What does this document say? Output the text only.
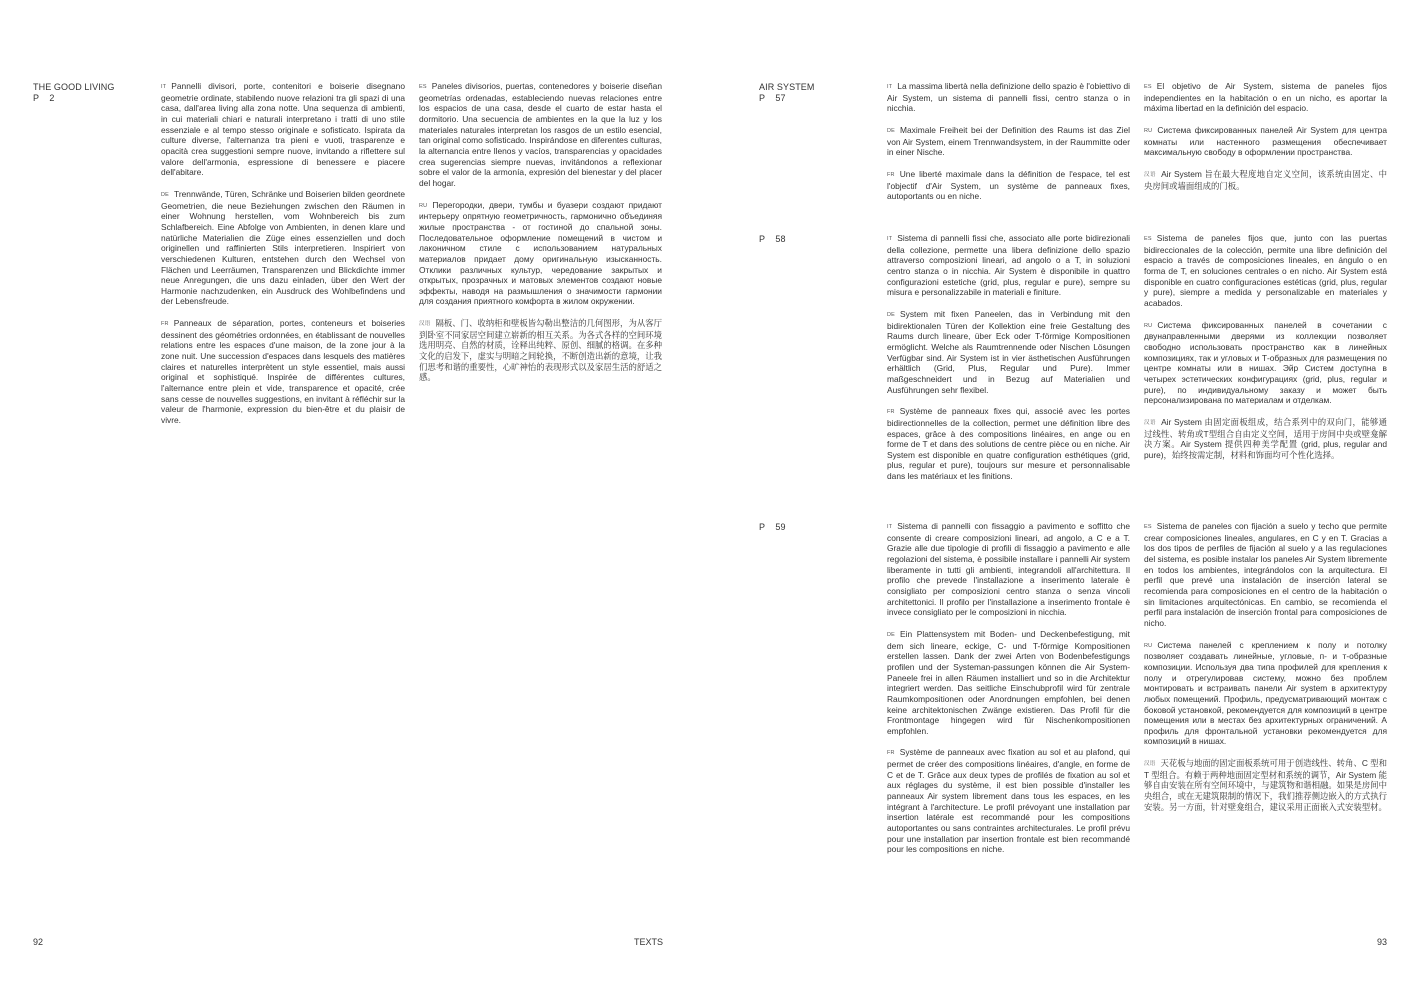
THE GOOD LIVING
P    2

IT Pannelli divisori, porte, contenitori e boiserie disegnano geometrie ordinate, stabilendo nuove relazioni tra gli spazi di una casa, dall'area living alla zona notte. Una sequenza di ambienti, in cui materiali chiari e naturali interpretano i tratti di uno stile essenziale e al tempo stesso originale e sofisticato. Ispirata da culture diverse, l'alternanza tra pieni e vuoti, trasparenze e opacità crea suggestioni sempre nuove, invitando a riflettere sul valore dell'armonia, espressione di benessere e piacere dell'abitare.

DE Trennwände, Türen, Schränke und Boiserien bilden geordnete Geometrien, die neue Beziehungen zwischen den Räumen in einer Wohnung herstellen, vom Wohnbereich bis zum Schlafbereich. Eine Abfolge von Ambienten, in denen klare und natürliche Materialien die Züge eines essenziellen und doch originellen und raffinierten Stils interpretieren. Inspiriert von verschiedenen Kulturen, entstehen durch den Wechsel von Flächen und Leerräumen, Transparenzen und Blickdichte immer neue Anregungen, die uns dazu einladen, über den Wert der Harmonie nachzudenken, ein Ausdruck des Wohlbefindens und der Lebensfreude.

FR Panneaux de séparation, portes, conteneurs et boiseries dessinent des géométries ordonnées, en établissant de nouvelles relations entre les espaces d'une maison, de la zone jour à la zone nuit. Une succession d'espaces dans lesquels des matières claires et naturelles interprètent un style essentiel, mais aussi original et sophistiqué. Inspirée de différentes cultures, l'alternance entre plein et vide, transparence et opacité, crée sans cesse de nouvelles suggestions, en invitant à réfléchir sur la valeur de l'harmonie, expression du bien-être et du plaisir de vivre.

ES Paneles divisorios, puertas, contenedores y boiserie diseñan geometrías ordenadas, estableciendo nuevas relaciones entre los espacios de una casa, desde el cuarto de estar hasta el dormitorio. Una secuencia de ambientes en la que la luz y los materiales naturales interpretan los rasgos de un estilo esencial, tan original como sofisticado. Inspirándose en diferentes culturas, la alternancia entre llenos y vacíos, transparencias y opacidades crea sugerencias siempre nuevas, invitándonos a reflexionar sobre el valor de la armonía, expresión del bienestar y del placer del hogar.

RU Перегородки, двери, тумбы и буазери создают придают интерьеру опрятную геометричность, гармонично объединяя жилые пространства - от гостиной до спальной зоны. Последовательное оформление помещений в чистом и лаконичном стиле с использованием натуральных материалов придает дому оригинальную изысканность. Отклики различных культур, чередование закрытых и открытых, прозрачных и матовых элементов создают новые эффекты, наводя на размышления о значимости гармонии для создания приятного комфорта в жилом окружении.

汉语 隔板、门、收纳柜和壁板皆勾勒出整洁的几何图形，为从客厅到卧室不同家居空间建立崭新的相互关系。为各式各样的空间环境选用明亮、自然的材质，诠释出纯粹、原创、细腻的格调。在多种文化的启发下，虚实与明暗之间轮换，不断创造出新的意境，让我们思考和谐的重要性，心旷神怡的表现形式以及家居生活的舒适之感。

92	TEXTS
AIR SYSTEM
P    57

IT La massima libertà nella definizione dello spazio è l'obiettivo di Air System, un sistema di pannelli fissi, centro stanza o in nicchia.

DE Maximale Freiheit bei der Definition des Raums ist das Ziel von Air System, einem Trennwandsystem, in der Raummitte oder in einer Nische.

FR Une liberté maximale dans la définition de l'espace, tel est l'objectif d'Air System, un système de panneaux fixes, autoportants ou en niche.

ES El objetivo de Air System, sistema de paneles fijos independientes en la habitación o en un nicho, es aportar la máxima libertad en la definición del espacio.

RU Система фиксированных панелей Air System для центра комнаты или настенного размещения обеспечивает максимальную свободу в оформлении пространства.

汉语 Air System 旨在最大程度地自定义空间，该系统由固定、中央房间或墙面组成的门板。

P    58	IT Sistema di pannelli fissi che, associato alle porte bidirezionali della collezione, permette una libera definizione dello spazio attraverso composizioni lineari, ad angolo o a T, in soluzioni centro stanza o in nicchia. Air System è disponibile in quattro configurazioni estetiche (grid, plus, regular e pure), sempre su misura e personalizzabile in materiali e finiture.

DE System mit fixen Paneelen, das in Verbindung mit den bidirektionalen Türen der Kollektion eine freie Gestaltung des Raums durch lineare, über Eck oder T-förmige Kompositionen ermöglicht. Welche als Raumtrennende oder Nischen Lösungen Verfügbar sind. Air System ist in vier ästhetischen Ausführungen erhältlich (Grid, Plus, Regular und Pure). Immer maßgeschneidert und in Bezug auf Materialien und Ausführungen sehr flexibel.

FR Système de panneaux fixes qui, associé avec les portes bidirectionnelles de la collection, permet une définition libre des espaces, grâce à des compositions linéaires, en ange ou en forme de T et dans des solutions de centre pièce ou en niche. Air System est disponible en quatre configuration esthétiques (grid, plus, regular et pure), toujours sur mesure et personnalisable dans les matériaux et les finitions.

ES Sistema de paneles fijos que, junto con las puertas bidireccionales de la colección, permite una libre definición del espacio a través de composiciones lineales, en ángulo o en forma de T, en soluciones centrales o en nicho. Air System está disponible en cuatro configuraciones estéticas (grid, plus, regular y pure), siempre a medida y personalizable en materiales y acabados.

RU Система фиксированных панелей в сочетании с двунаправленными дверями из коллекции позволяет свободно использовать пространство как в линейных композициях, так и угловых и Т-образных для размещения по центре комнаты или в нишах. Эйр Систем доступна в четырех эстетических конфигурациях (grid, plus, regular и pure), по индивидуальному заказу и может быть персонализирована по материалам и отделкам.

汉语 Air System 由固定面板组成，结合系列中的双向门，能够通过线性、转角或T型组合自由定义空间，适用于房间中央或壁龛解决方案。Air System 提供四种美学配置 (grid, plus, regular and pure)，始终按需定制，材料和饰面均可个性化选择。

P    59	IT Sistema di pannelli con fissaggio a pavimento e soffitto che consente di creare composizioni lineari, ad angolo, a C e a T. Grazie alle due tipologie di profili di fissaggio a pavimento e alle regolazioni del sistema, è possibile installare i pannelli Air system liberamente in tutti gli ambienti, integrandoli all'architettura. Il profilo che prevede l'installazione a inserimento laterale è consigliato per composizioni centro stanza o senza vincoli architettonici. Il profilo per l'installazione a inserimento frontale è invece consigliato per le composizioni in nicchia.

DE Ein Plattensystem mit Boden- und Deckenbefestigung, mit dem sich lineare, eckige, C- und T-förmige Kompositionen erstellen lassen. Dank der zwei Arten von Bodenbefestigungs profilen und der Systeman-passungen können die Air System-Paneele frei in allen Räumen installiert und so in die Architektur integriert werden. Das seitliche Einschubprofil wird für zentrale Raumkompositionen oder Anordnungen empfohlen, bei denen keine architektonischen Zwänge existieren. Das Profil für die Frontmontage hingegen wird für Nischenkompositionen empfohlen.

FR Système de panneaux avec fixation au sol et au plafond, qui permet de créer des compositions linéaires, d'angle, en forme de C et de T. Grâce aux deux types de profilés de fixation au sol et aux réglages du système, il est bien possible d'installer les panneaux Air system librement dans tous les espaces, en les intégrant à l'architecture. Le profil prévoyant une installation par insertion latérale est recommandé pour les compositions autoportantes ou sans contraintes architecturales. Le profil prévu pour une installation par insertion frontale est bien recommandé pour les compositions en niche.

ES Sistema de paneles con fijación a suelo y techo que permite crear composiciones lineales, angulares, en C y en T. Gracias a los dos tipos de perfiles de fijación al suelo y a las regulaciones del sistema, es posible instalar los paneles Air System libremente en todos los ambientes, integrándolos con la arquitectura. El perfil que prevé una instalación de inserción lateral se recomienda para composiciones en el centro de la habitación o sin limitaciones arquitectónicas. En cambio, se recomienda el perfil para instalación de inserción frontal para composiciones de nicho.

RU Система панелей с креплением к полу и потолку позволяет создавать линейные, угловые, п- и т-образные композиции. Используя два типа профилей для крепления к полу и отрегулировав систему, можно без проблем монтировать и встраивать панели Air system в архитектуру любых помещений. Профиль, предусматривающий монтаж с боковой установкой, рекомендуется для композиций в центре помещения или в местах без архитектурных ограничений. А профиль для фронтальной установки рекомендуется для композиций в нишах.

汉语 天花板与地面的固定面板系统可用于创造线性、转角、C 型和 T 型组合。有赖于两种地面固定型材和系统的调节，Air System 能够自由安装在所有空间环境中，与建筑物和谐相融。如果是房间中央组合，或在无建筑限制的情况下，我们推荐侧边嵌入的方式执行安装。另一方面，针对壁龛组合，建议采用正面嵌入式安装型材。

93
